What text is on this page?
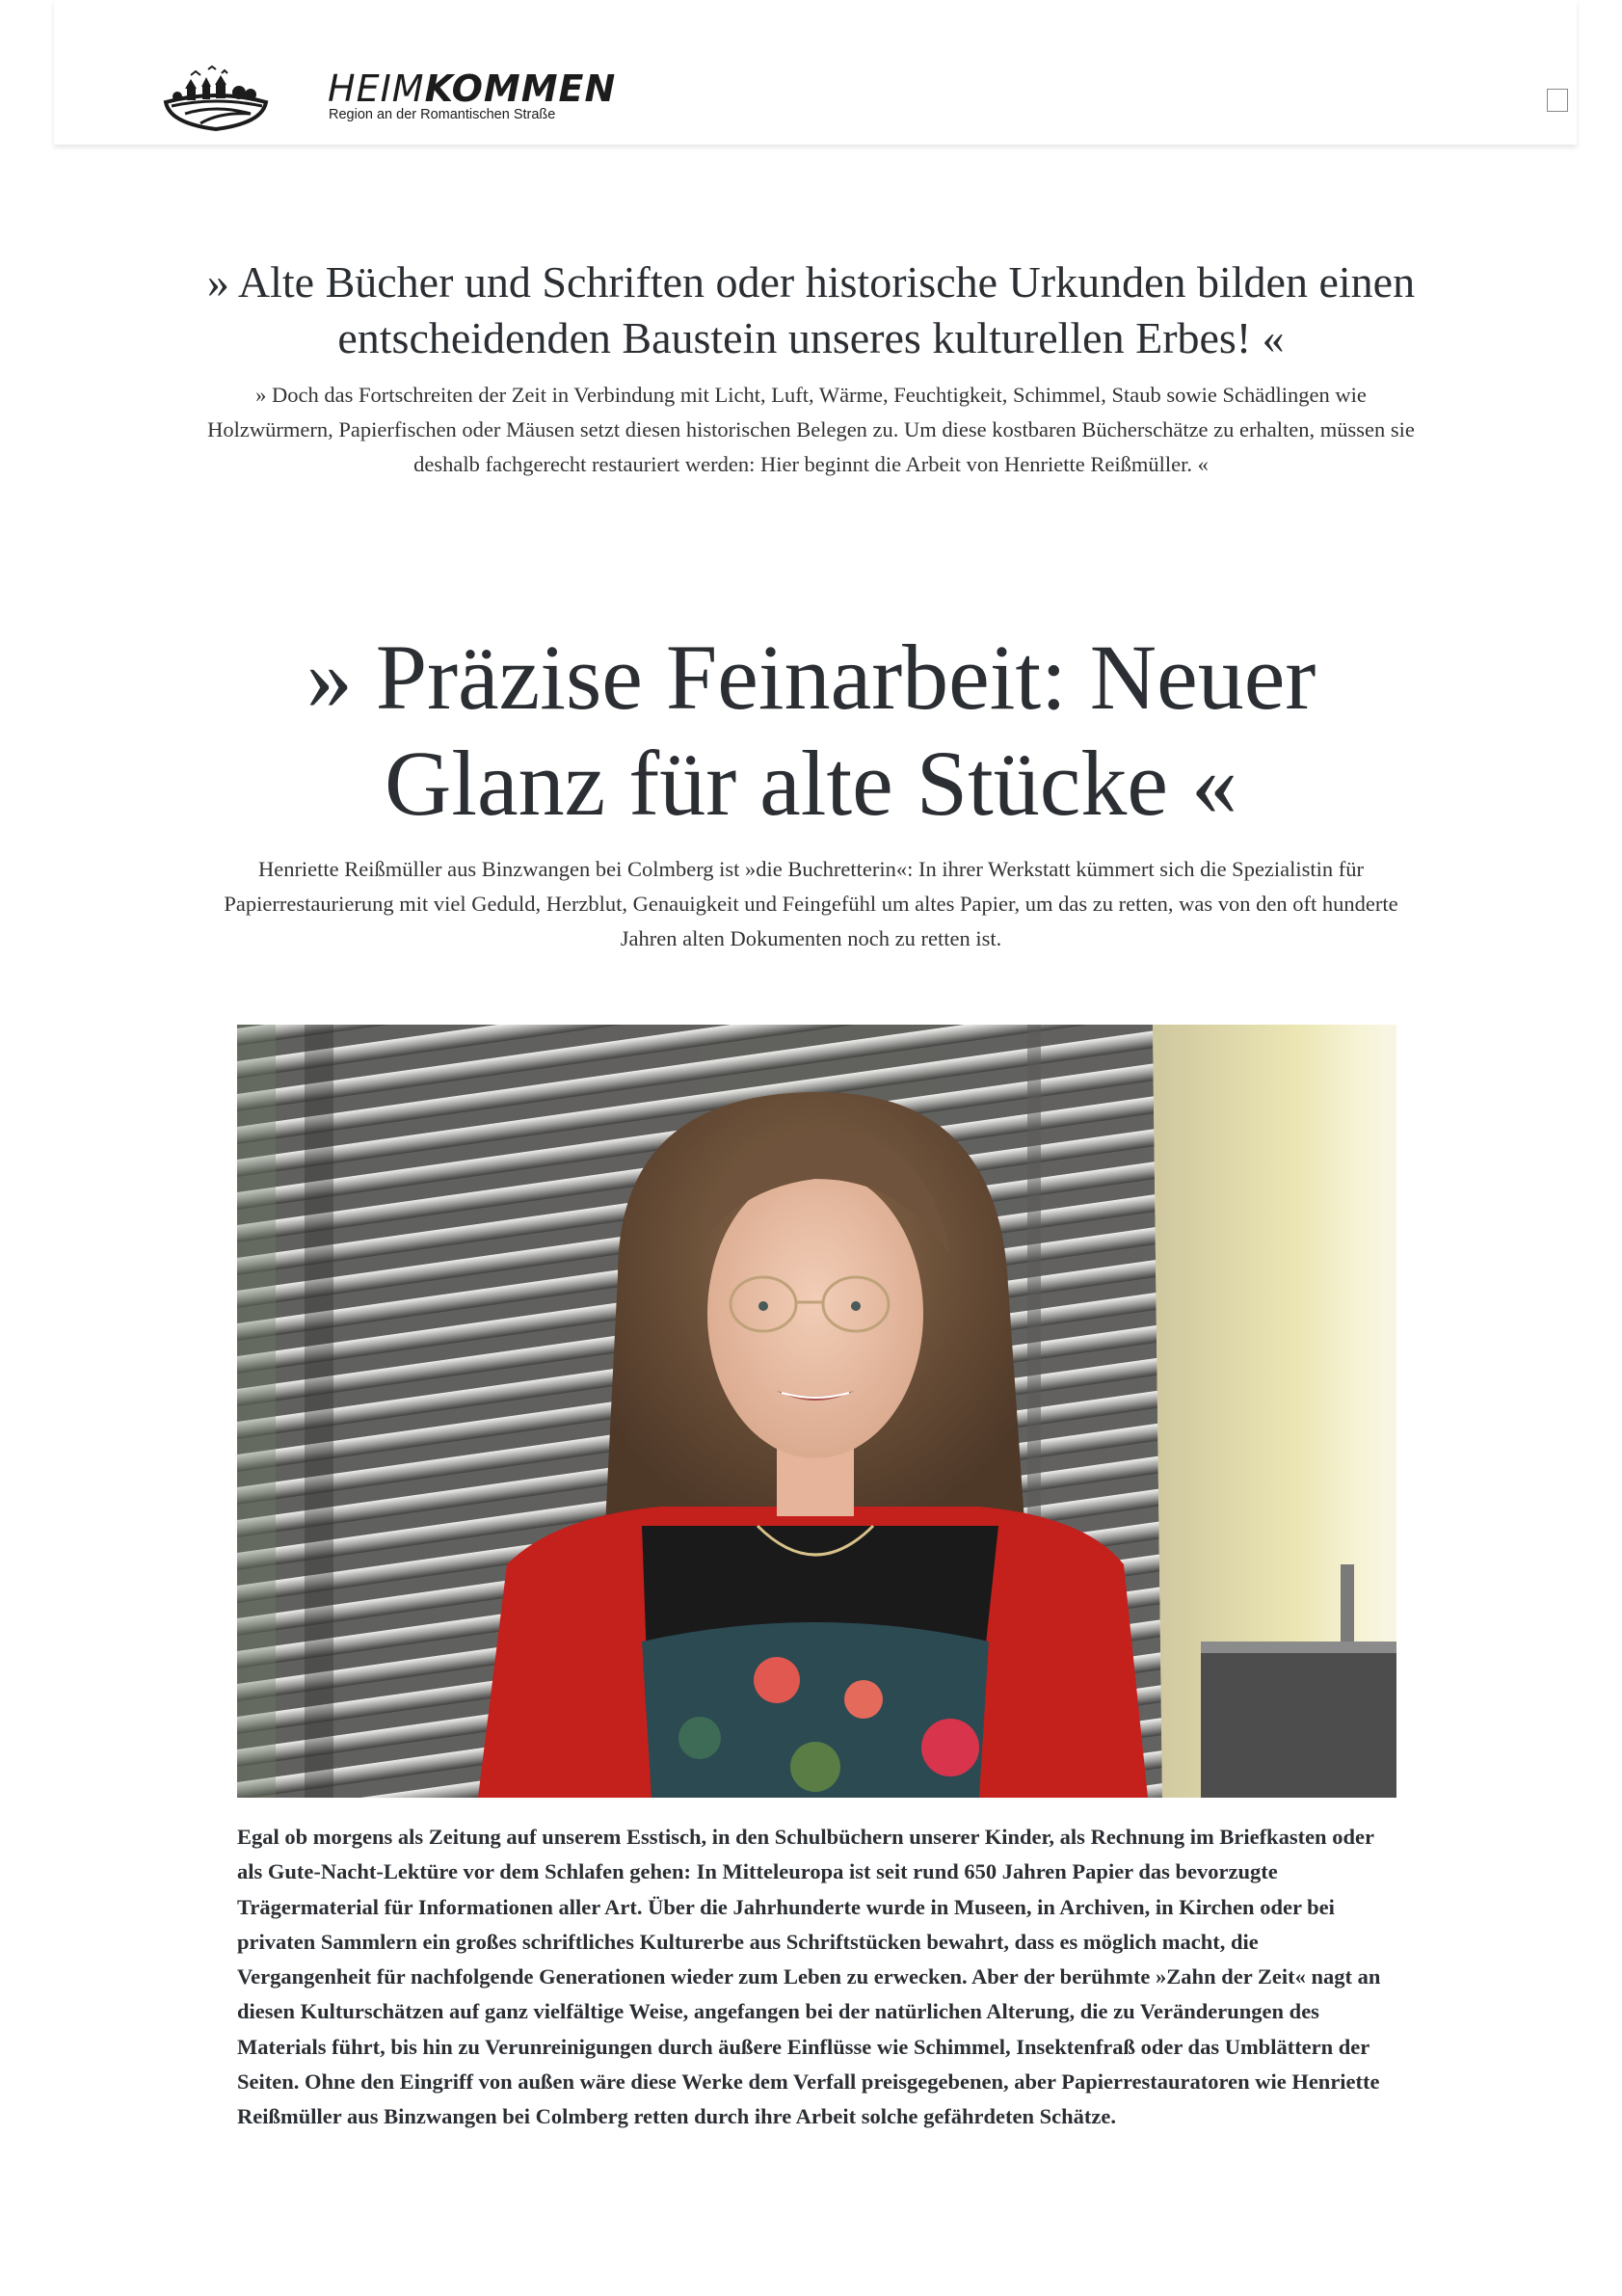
HEIMKOMMEN
Region an der Romantischen Straße
» Alte Bücher und Schriften oder historische Urkunden bilden einen entscheidenden Baustein unseres kulturellen Erbes! «

» Doch das Fortschreiten der Zeit in Verbindung mit Licht, Luft, Wärme, Feuchtigkeit, Schimmel, Staub sowie Schädlingen wie Holzwürmern, Papierfischen oder Mäusen setzt diesen historischen Belegen zu. Um diese kostbaren Bücherschätze zu erhalten, müssen sie deshalb fachgerecht restauriert werden: Hier beginnt die Arbeit von Henriette Reißmüller. «

» Präzise Feinarbeit: Neuer Glanz für alte Stücke «

Henriette Reißmüller aus Binzwangen bei Colmberg ist »die Buchretterin«: In ihrer Werkstatt kümmert sich die Spezialistin für Papierrestaurierung mit viel Geduld, Herzblut, Genauigkeit und Feingefühl um altes Papier, um das zu retten, was von den oft hunderte Jahren alten Dokumenten noch zu retten ist.

Egal ob morgens als Zeitung auf unserem Esstisch, in den Schulbüchern unserer Kinder, als Rechnung im Briefkasten oder als Gute-Nacht-Lektüre vor dem Schlafen gehen: In Mitteleuropa ist seit rund 650 Jahren Papier das bevorzugte Trägermaterial für Informationen aller Art. Über die Jahrhunderte wurde in Museen, in Archiven, in Kirchen oder bei privaten Sammlern ein großes schriftliches Kulturerbe aus Schriftstücken bewahrt, dass es möglich macht, die Vergangenheit für nachfolgende Generationen wieder zum Leben zu erwecken. Aber der berühmte »Zahn der Zeit« nagt an diesen Kulturschätzen auf ganz vielfältige Weise, angefangen bei der natürlichen Alterung, die zu Veränderungen des Materials führt, bis hin zu Verunreinigungen durch äußere Einflüsse wie Schimmel, Insektenfraß oder das Umblättern der Seiten. Ohne den Eingriff von außen wäre diese Werke dem Verfall preisgegebenen, aber Papierrestauratoren wie Henriette Reißmüller aus Binzwangen bei Colmberg retten durch ihre Arbeit solche gefährdeten Schätze.
